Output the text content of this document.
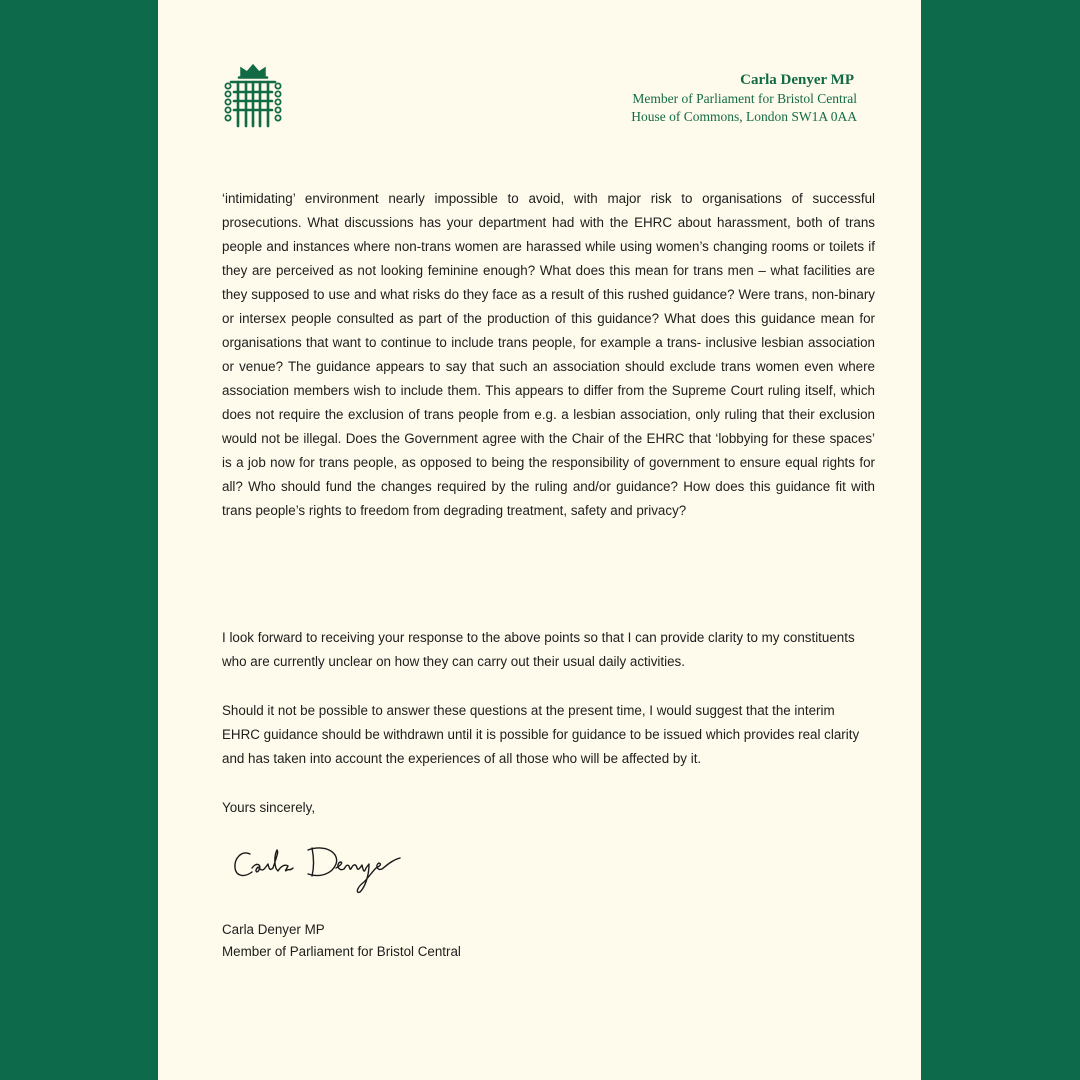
Carla Denyer MP
Member of Parliament for Bristol Central
House of Commons, London SW1A 0AA

‘intimidating’ environment nearly impossible to avoid, with major risk to organisations of successful prosecutions. What discussions has your department had with the EHRC about harassment, both of trans people and instances where non-trans women are harassed while using women’s changing rooms or toilets if they are perceived as not looking feminine enough? What does this mean for trans men – what facilities are they supposed to use and what risks do they face as a result of this rushed guidance? Were trans, non-binary or intersex people consulted as part of the production of this guidance? What does this guidance mean for organisations that want to continue to include trans people, for example a trans- inclusive lesbian association or venue? The guidance appears to say that such an association should exclude trans women even where association members wish to include them. This appears to differ from the Supreme Court ruling itself, which does not require the exclusion of trans people from e.g. a lesbian association, only ruling that their exclusion would not be illegal. Does the Government agree with the Chair of the EHRC that ‘lobbying for these spaces’ is a job now for trans people, as opposed to being the responsibility of government to ensure equal rights for all? Who should fund the changes required by the ruling and/or guidance? How does this guidance fit with trans people’s rights to freedom from degrading treatment, safety and privacy?

I look forward to receiving your response to the above points so that I can provide clarity to my constituents who are currently unclear on how they can carry out their usual daily activities.

Should it not be possible to answer these questions at the present time, I would suggest that the interim EHRC guidance should be withdrawn until it is possible for guidance to be issued which provides real clarity and has taken into account the experiences of all those who will be affected by it.

Yours sincerely,

Carla Denyer MP
Member of Parliament for Bristol Central
